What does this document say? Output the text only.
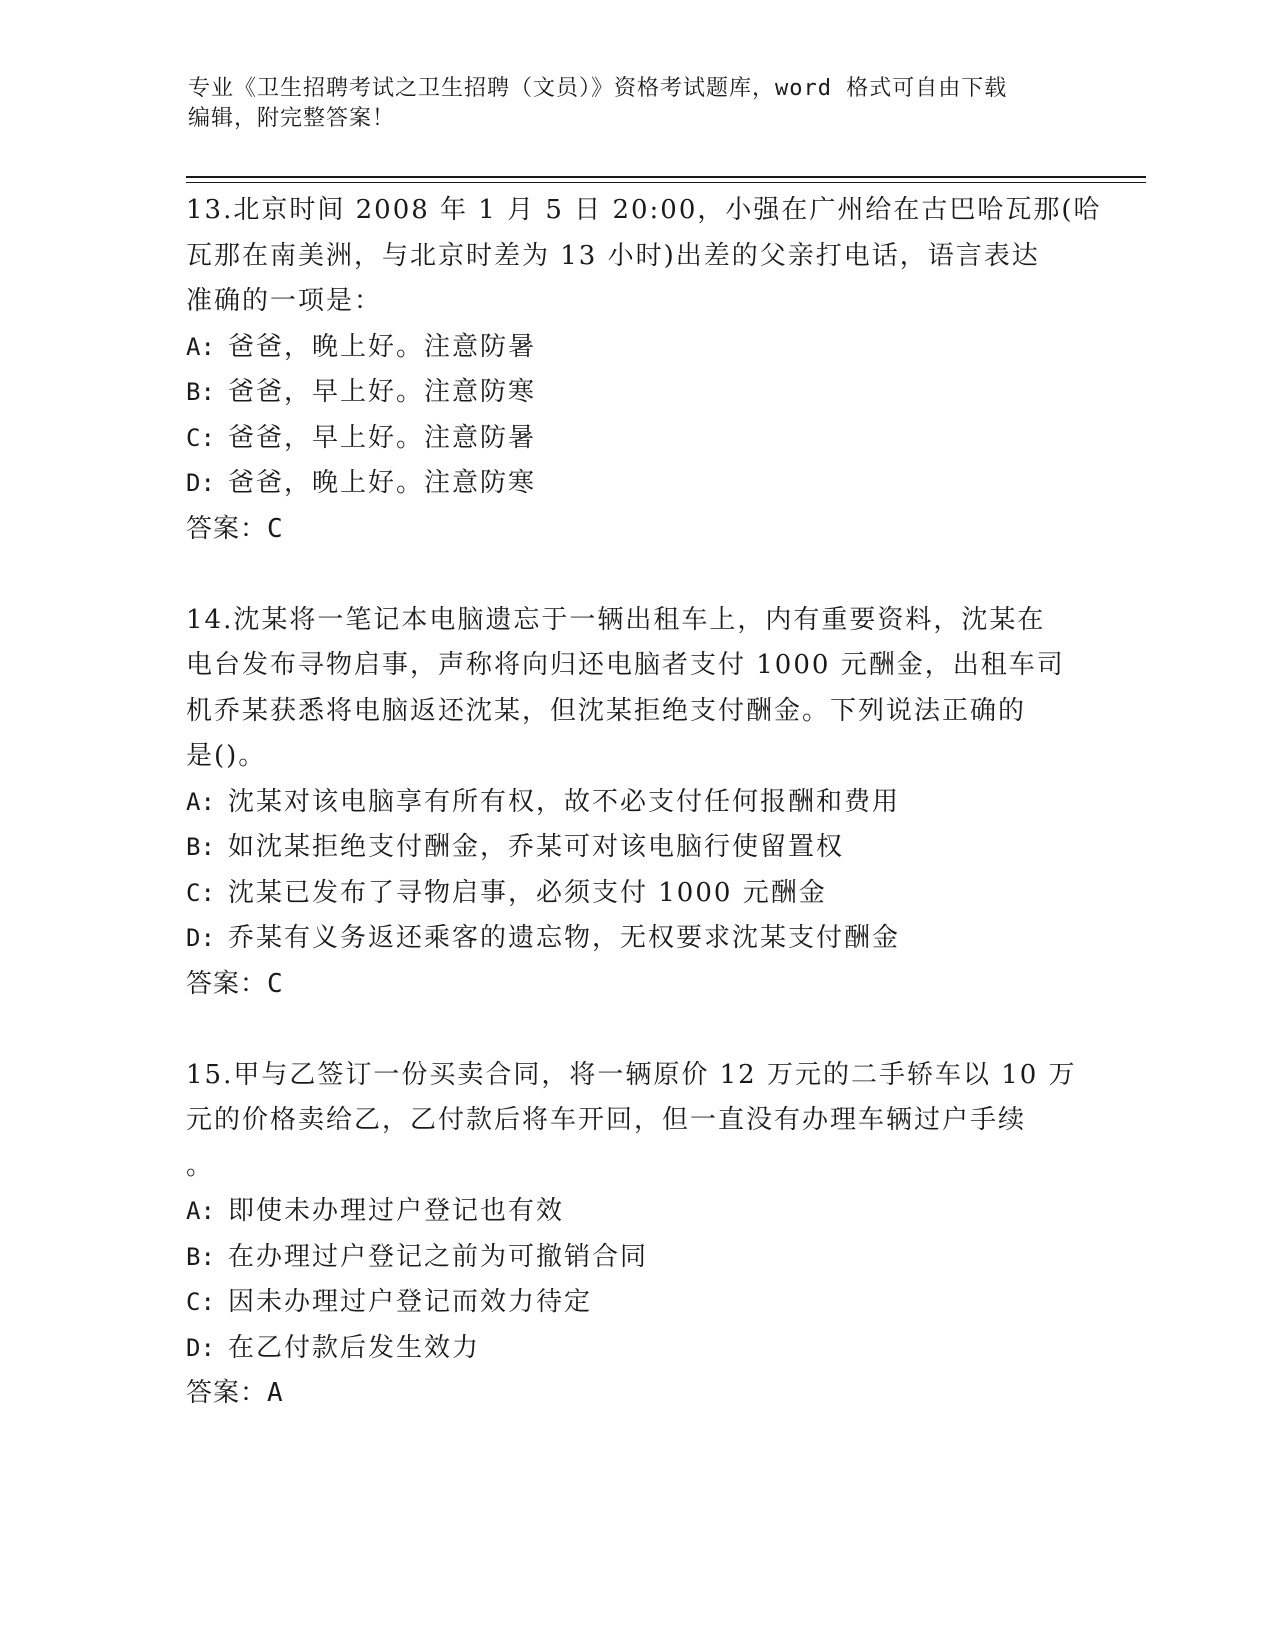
专业《卫生招聘考试之卫生招聘（文员）》资格考试题库，word 格式可自由下载
编辑，附完整答案！
13.北京时间 2008 年 1 月 5 日 20:00，小强在广州给在古巴哈瓦那(哈
瓦那在南美洲，与北京时差为 13 小时)出差的父亲打电话，语言表达
准确的一项是：
A: 爸爸，晚上好。注意防暑
B: 爸爸，早上好。注意防寒
C: 爸爸，早上好。注意防暑
D: 爸爸，晚上好。注意防寒
答案：C
14.沈某将一笔记本电脑遗忘于一辆出租车上，内有重要资料，沈某在
电台发布寻物启事，声称将向归还电脑者支付 1000 元酬金，出租车司
机乔某获悉将电脑返还沈某，但沈某拒绝支付酬金。下列说法正确的
是()。
A: 沈某对该电脑享有所有权，故不必支付任何报酬和费用
B: 如沈某拒绝支付酬金，乔某可对该电脑行使留置权
C: 沈某已发布了寻物启事，必须支付 1000 元酬金
D: 乔某有义务返还乘客的遗忘物，无权要求沈某支付酬金
答案：C
15.甲与乙签订一份买卖合同，将一辆原价 12 万元的二手轿车以 10 万
元的价格卖给乙，乙付款后将车开回，但一直没有办理车辆过户手续
。
A: 即使未办理过户登记也有效
B: 在办理过户登记之前为可撤销合同
C: 因未办理过户登记而效力待定
D: 在乙付款后发生效力
答案：A
